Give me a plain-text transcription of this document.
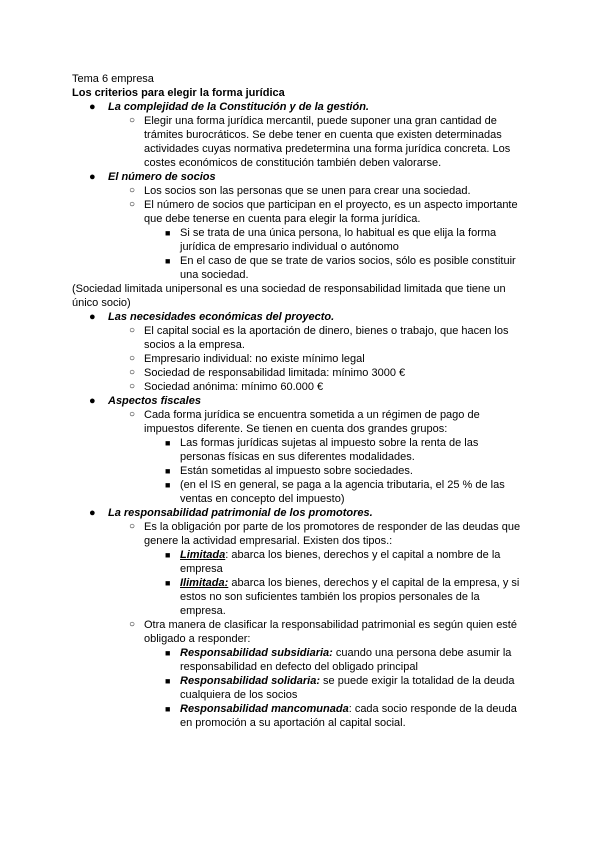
Tema 6 empresa
Los criterios para elegir la forma jurídica
● La complejidad de la Constitución y de la gestión.
○ Elegir una forma jurídica mercantil, puede suponer una gran cantidad de
trámites burocráticos. Se debe tener en cuenta que existen determinadas
actividades cuyas normativa predetermina una forma jurídica concreta. Los
costes económicos de constitución también deben valorarse.
● El número de socios
○ Los socios son las personas que se unen para crear una sociedad.
○ El número de socios que participan en el proyecto, es un aspecto importante
que debe tenerse en cuenta para elegir la forma jurídica.
■ Si se trata de una única persona, lo habitual es que elija la forma
jurídica de empresario individual o autónomo
■ En el caso de que se trate de varios socios, sólo es posible constituir
una sociedad.
(Sociedad limitada unipersonal es una sociedad de responsabilidad limitada que tiene un
único socio)
● Las necesidades económicas del proyecto.
○ El capital social es la aportación de dinero, bienes o trabajo, que hacen los
socios a la empresa.
○ Empresario individual: no existe mínimo legal
○ Sociedad de responsabilidad limitada: mínimo 3000 €
○ Sociedad anónima: mínimo 60.000 €
● Aspectos fiscales
○ Cada forma jurídica se encuentra sometida a un régimen de pago de
impuestos diferente. Se tienen en cuenta dos grandes grupos:
■ Las formas jurídicas sujetas al impuesto sobre la renta de las
personas físicas en sus diferentes modalidades.
■ Están sometidas al impuesto sobre sociedades.
■ (en el IS en general, se paga a la agencia tributaria, el 25 % de las
ventas en concepto del impuesto)
● La responsabilidad patrimonial de los promotores.
○ Es la obligación por parte de los promotores de responder de las deudas que
genere la actividad empresarial. Existen dos tipos.:
■ Limitada: abarca los bienes, derechos y el capital a nombre de la
empresa
■ Ilimitada: abarca los bienes, derechos y el capital de la empresa, y si
estos no son suficientes también los propios personales de la
empresa.
○ Otra manera de clasificar la responsabilidad patrimonial es según quien esté
obligado a responder:
■ Responsabilidad subsidiaria: cuando una persona debe asumir la
responsabilidad en defecto del obligado principal
■ Responsabilidad solidaria: se puede exigir la totalidad de la deuda
cualquiera de los socios
■ Responsabilidad mancomunada: cada socio responde de la deuda
en promoción a su aportación al capital social.
